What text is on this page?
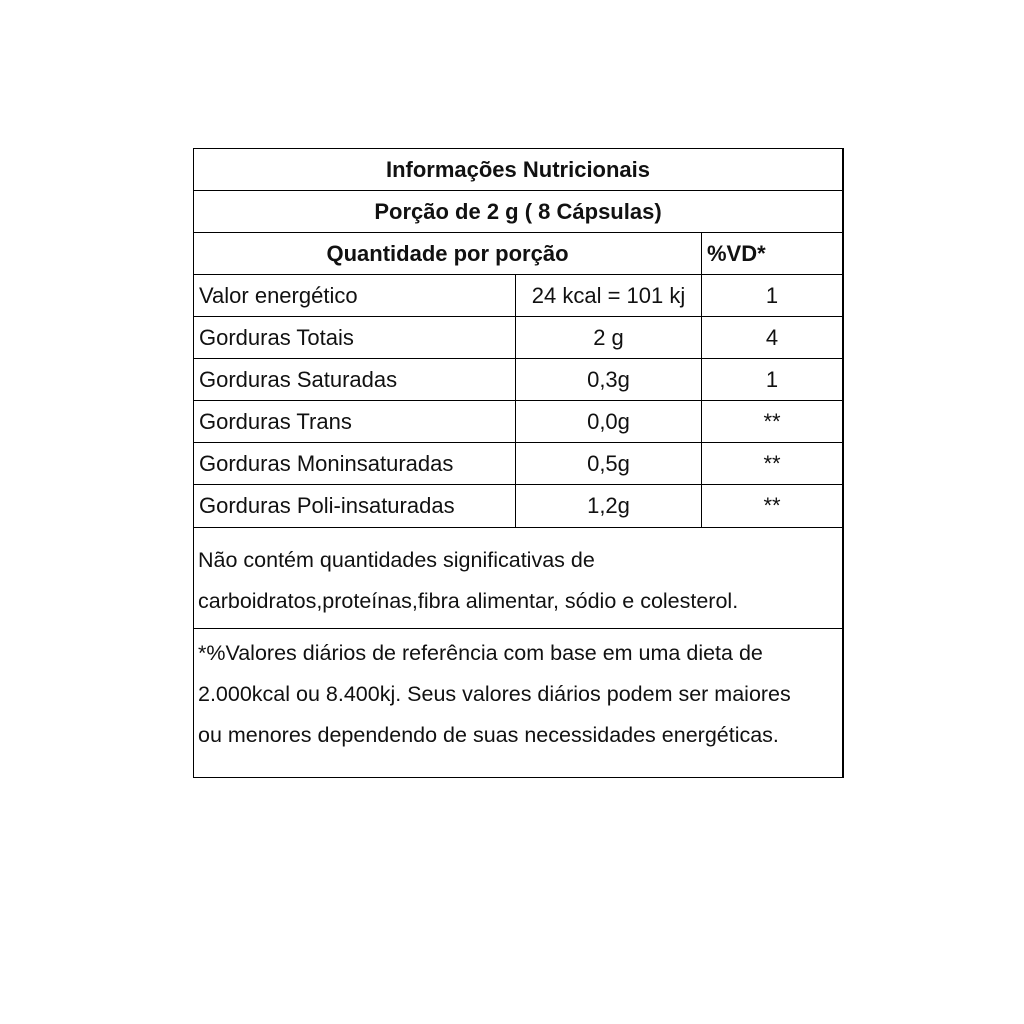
Informações Nutricionais
Porção de 2 g ( 8 Cápsulas)
Quantidade por porção	%VD*
Valor energético	24 kcal = 101 kj	1
Gorduras Totais	2 g	4
Gorduras Saturadas	0,3g	1
Gorduras Trans	0,0g	**
Gorduras Moninsaturadas	0,5g	**
Gorduras Poli-insaturadas	1,2g	**
Não contém quantidades significativas de
carboidratos,proteínas,fibra alimentar, sódio e colesterol.
*%Valores diários de referência com base em uma dieta de
2.000kcal ou 8.400kj. Seus valores diários podem ser maiores
ou menores dependendo de suas necessidades energéticas.
